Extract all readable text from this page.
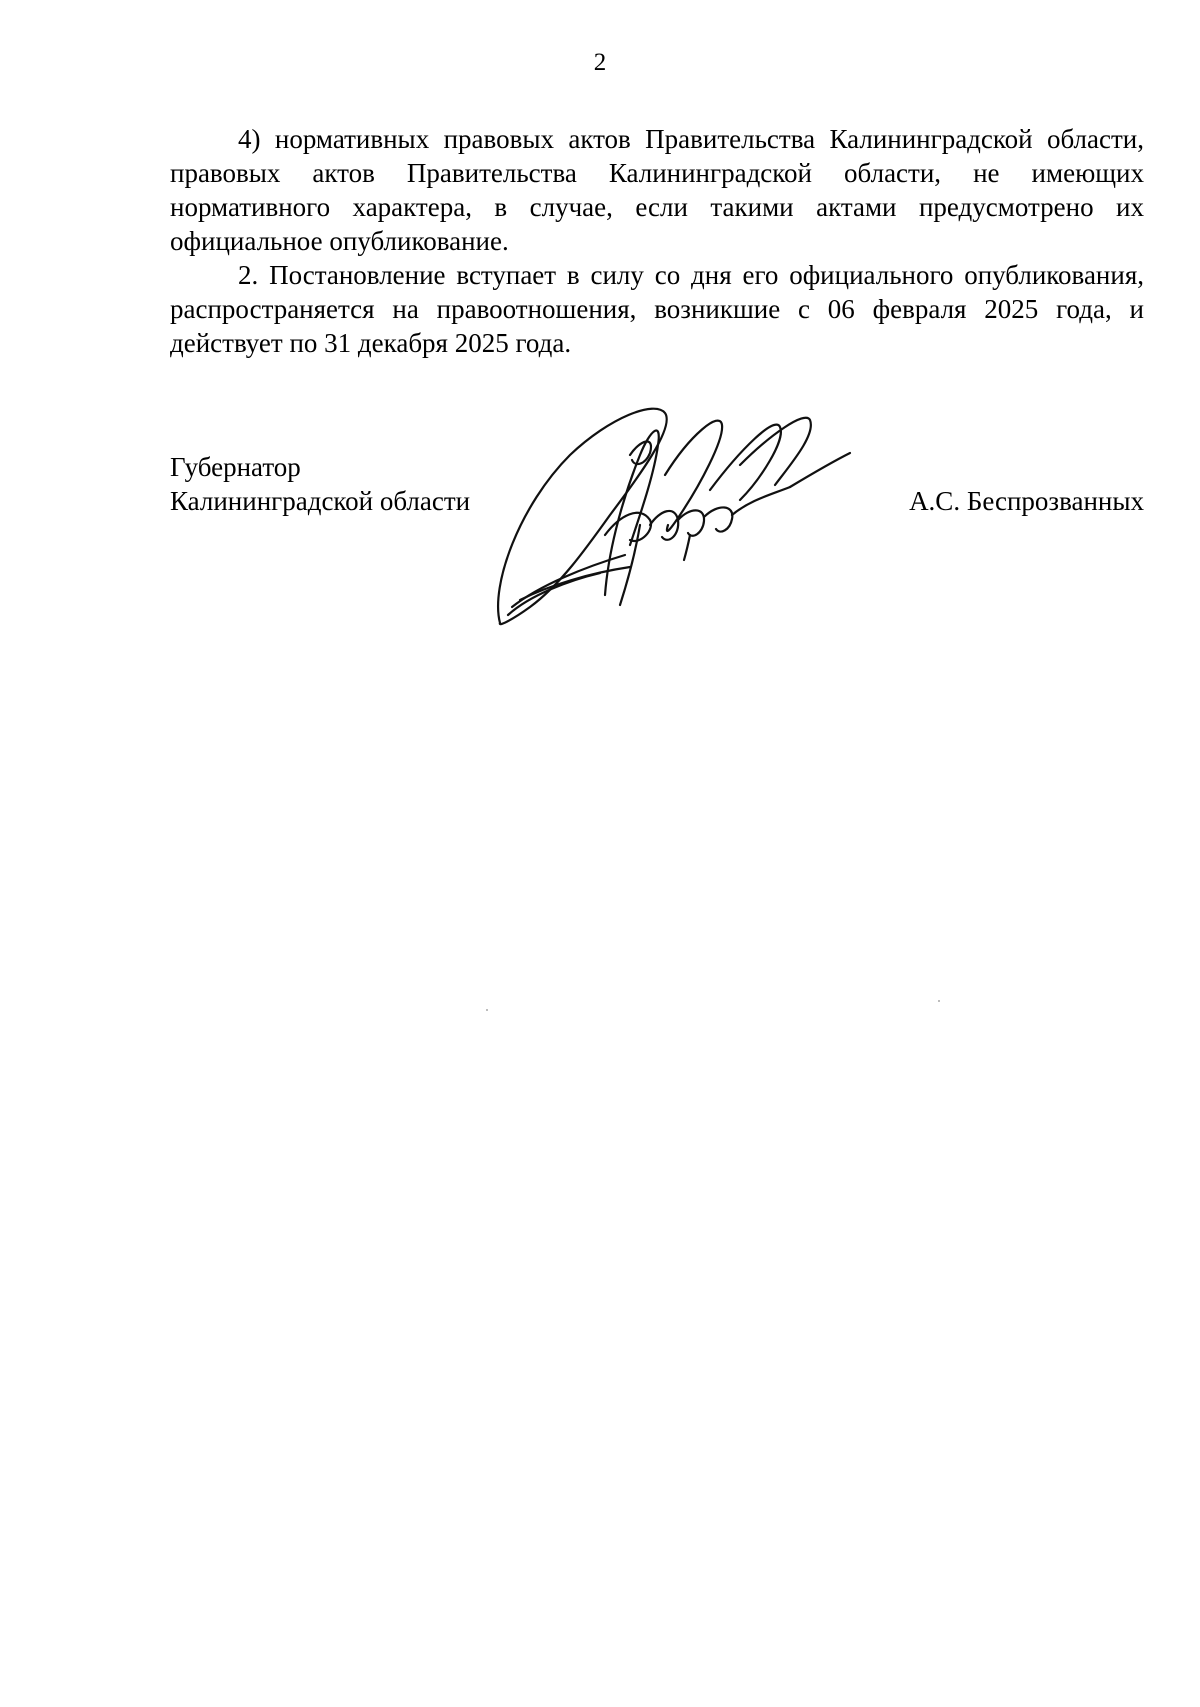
2

4) нормативных правовых актов Правительства Калининградской области, правовых актов Правительства Калининградской области, не имеющих нормативного характера, в случае, если такими актами предусмотрено их официальное опубликование.

2. Постановление вступает в силу со дня его официального опубликования, распространяется на правоотношения, возникшие с 06 февраля 2025 года, и действует по 31 декабря 2025 года.

Губернатор
Калининградской области	А.С. Беспрозванных
